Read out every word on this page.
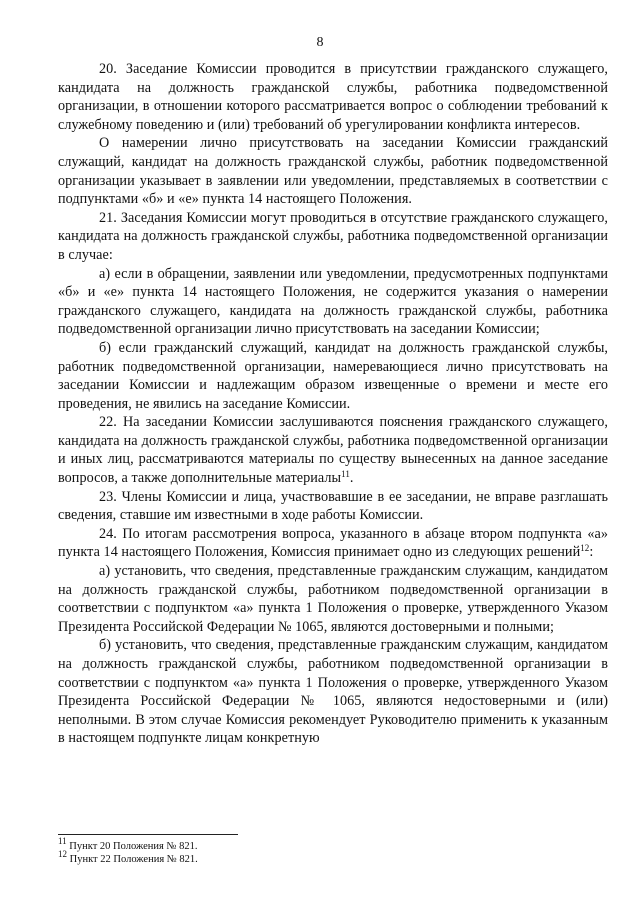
8

20. Заседание Комиссии проводится в присутствии гражданского служащего, кандидата на должность гражданской службы, работника подведомственной организации, в отношении которого рассматривается вопрос о соблюдении требований к служебному поведению и (или) требований об урегулировании конфликта интересов.

О намерении лично присутствовать на заседании Комиссии гражданский служащий, кандидат на должность гражданской службы, работник подведомственной организации указывает в заявлении или уведомлении, представляемых в соответствии с подпунктами «б» и «е» пункта 14 настоящего Положения.

21. Заседания Комиссии могут проводиться в отсутствие гражданского служащего, кандидата на должность гражданской службы, работника подведомственной организации в случае:

а) если в обращении, заявлении или уведомлении, предусмотренных подпунктами «б» и «е» пункта 14 настоящего Положения, не содержится указания о намерении гражданского служащего, кандидата на должность гражданской службы, работника подведомственной организации лично присутствовать на заседании Комиссии;

б) если гражданский служащий, кандидат на должность гражданской службы, работник подведомственной организации, намеревающиеся лично присутствовать на заседании Комиссии и надлежащим образом извещенные о времени и месте его проведения, не явились на заседание Комиссии.

22. На заседании Комиссии заслушиваются пояснения гражданского служащего, кандидата на должность гражданской службы, работника подведомственной организации и иных лиц, рассматриваются материалы по существу вынесенных на данное заседание вопросов, а также дополнительные материалы$^{11}$.

23. Члены Комиссии и лица, участвовавшие в ее заседании, не вправе разглашать сведения, ставшие им известными в ходе работы Комиссии.

24. По итогам рассмотрения вопроса, указанного в абзаце втором подпункта «а» пункта 14 настоящего Положения, Комиссия принимает одно из следующих решений$^{12}$:

а) установить, что сведения, представленные гражданским служащим, кандидатом на должность гражданской службы, работником подведомственной организации в соответствии с подпунктом «а» пункта 1 Положения о проверке, утвержденного Указом Президента Российской Федерации № 1065, являются достоверными и полными;

б) установить, что сведения, представленные гражданским служащим, кандидатом на должность гражданской службы, работником подведомственной организации в соответствии с подпунктом «а» пункта 1 Положения о проверке, утвержденного Указом Президента Российской Федерации № 1065, являются недостоверными и (или) неполными. В этом случае Комиссия рекомендует Руководителю применить к указанным в настоящем подпункте лицам конкретную

$^{11}$ Пункт 20 Положения № 821.

$^{12}$ Пункт 22 Положения № 821.
